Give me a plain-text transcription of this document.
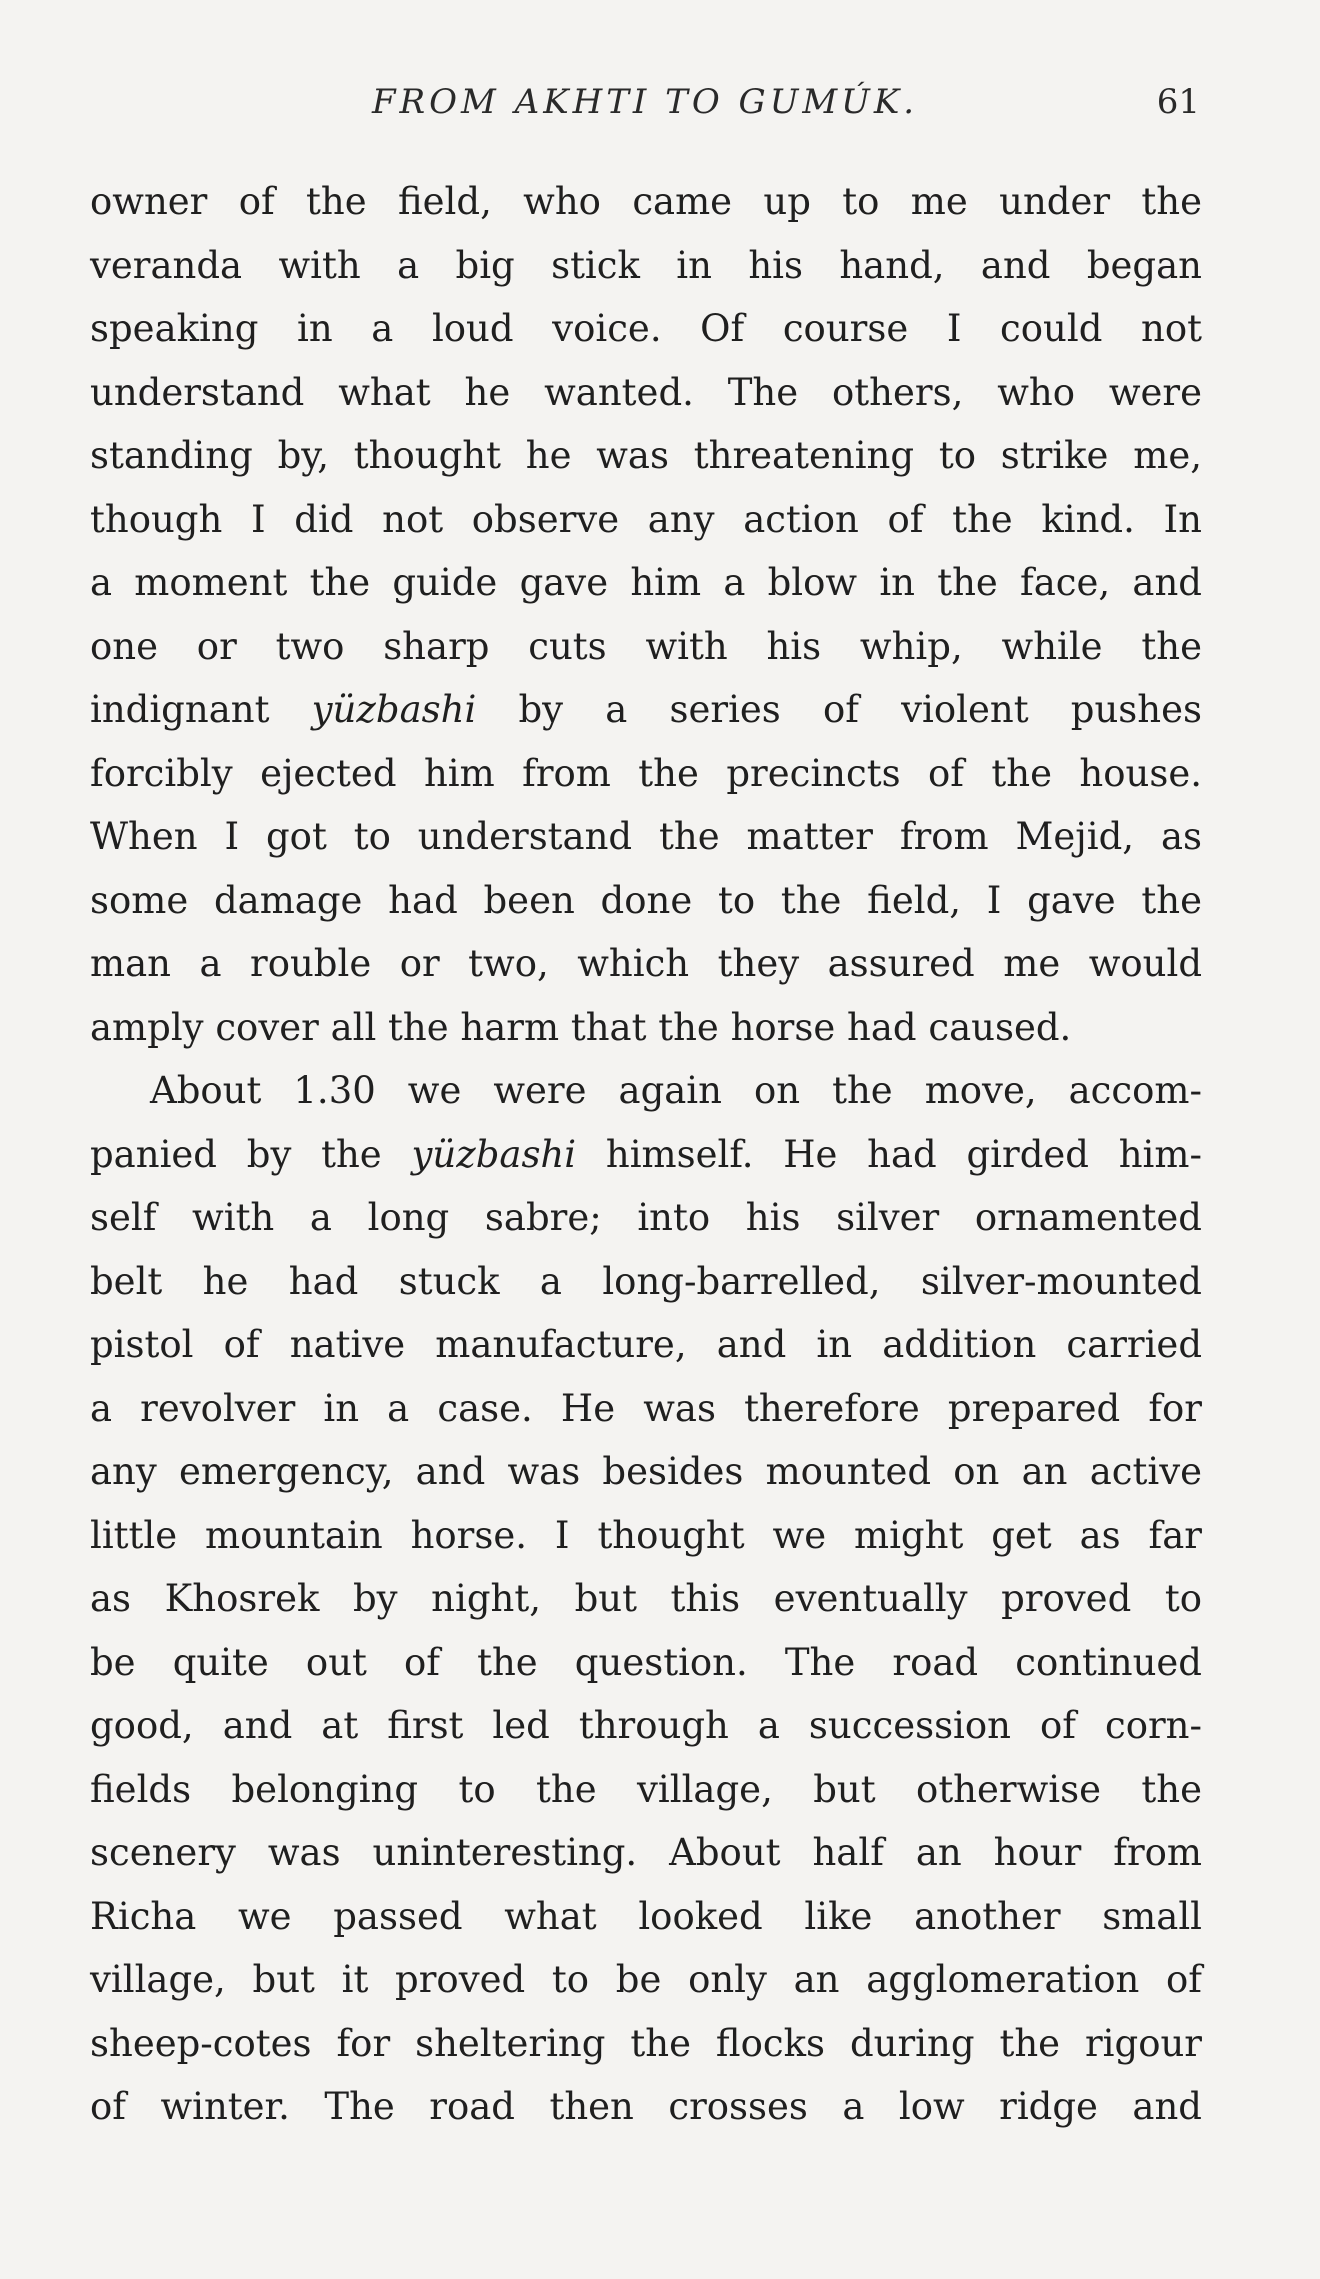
FROM AKHTI TO GUMÚK.	61
owner of the field, who came up to me under the
veranda with a big stick in his hand, and began
speaking in a loud voice. Of course I could not
understand what he wanted. The others, who were
standing by, thought he was threatening to strike me,
though I did not observe any action of the kind. In
a moment the guide gave him a blow in the face, and
one or two sharp cuts with his whip, while the
indignant yüzbashi by a series of violent pushes
forcibly ejected him from the precincts of the house.
When I got to understand the matter from Mejid, as
some damage had been done to the field, I gave the
man a rouble or two, which they assured me would
amply cover all the harm that the horse had caused.
About 1.30 we were again on the move, accom-
panied by the yüzbashi himself. He had girded him-
self with a long sabre; into his silver ornamented
belt he had stuck a long-barrelled, silver-mounted
pistol of native manufacture, and in addition carried
a revolver in a case. He was therefore prepared for
any emergency, and was besides mounted on an active
little mountain horse. I thought we might get as far
as Khosrek by night, but this eventually proved to
be quite out of the question. The road continued
good, and at first led through a succession of corn-
fields belonging to the village, but otherwise the
scenery was uninteresting. About half an hour from
Richa we passed what looked like another small
village, but it proved to be only an agglomeration of
sheep-cotes for sheltering the flocks during the rigour
of winter. The road then crosses a low ridge and
